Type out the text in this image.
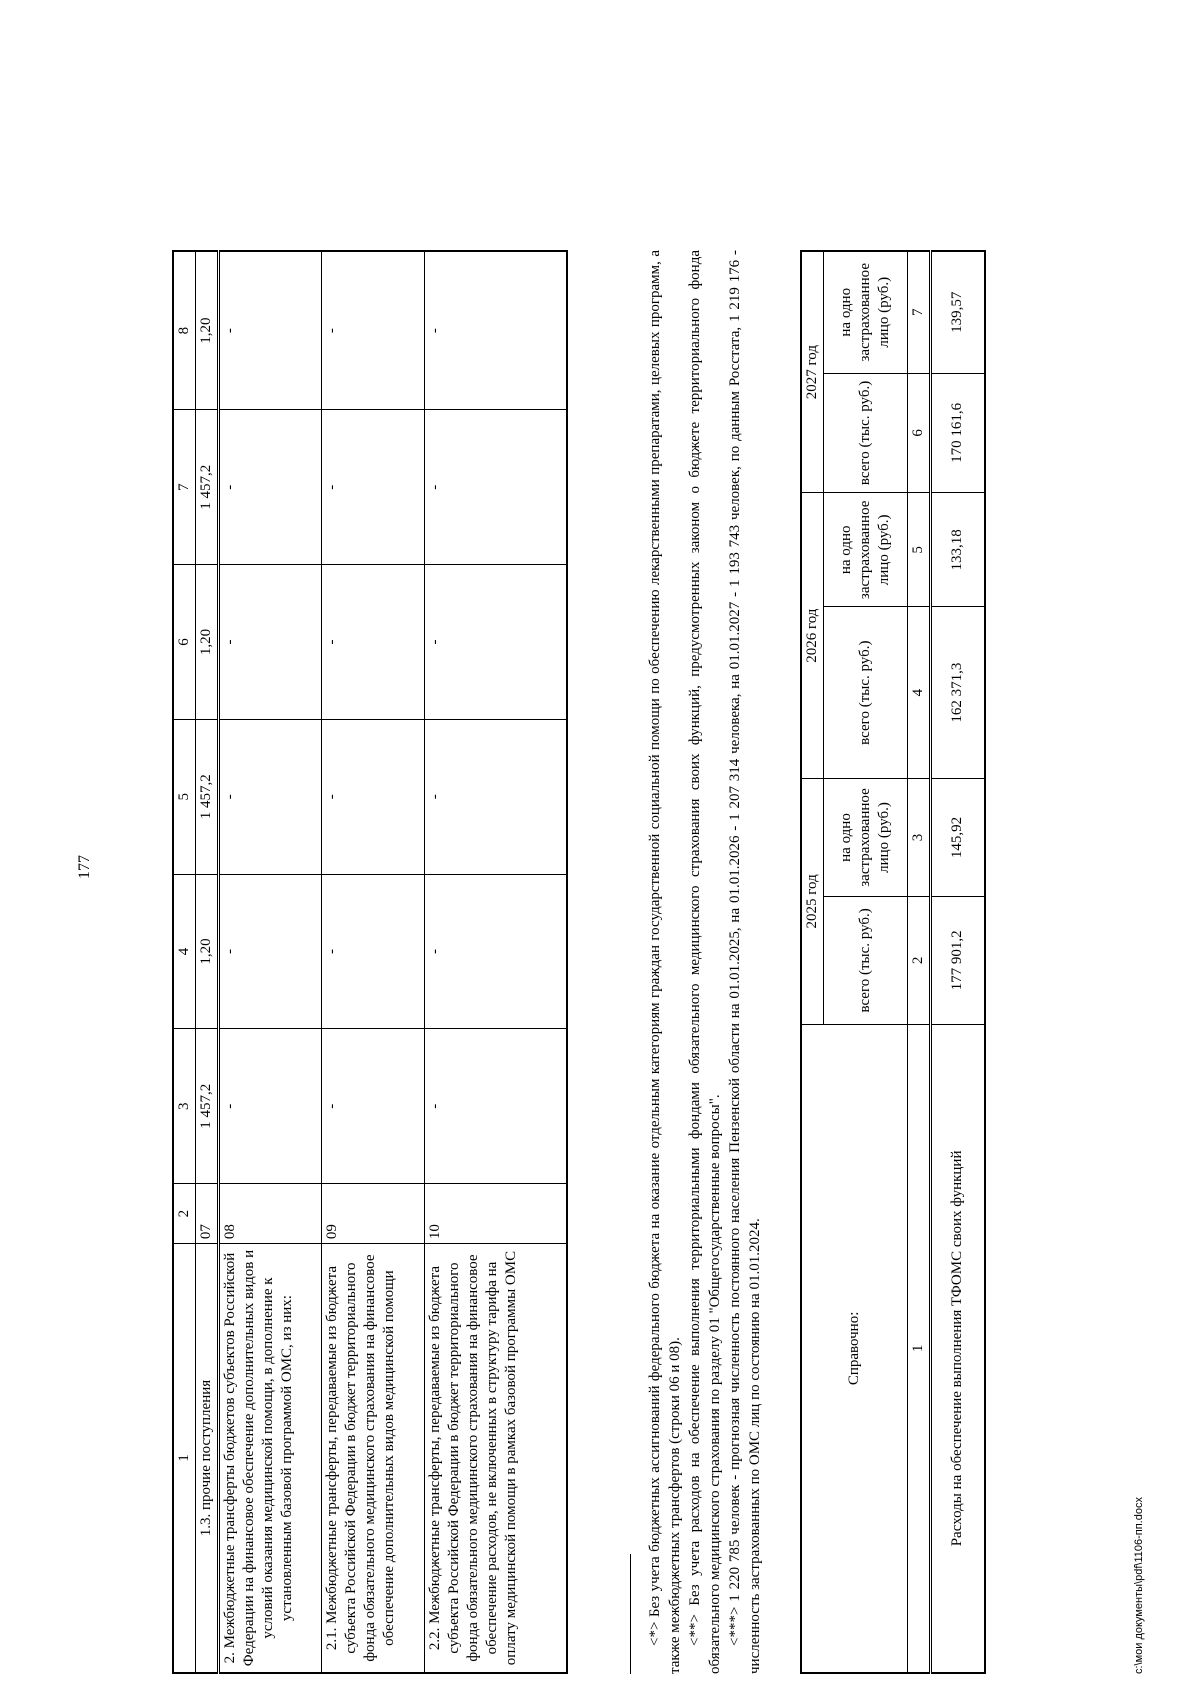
177
1	2	3	4	5	6	7	8
1.3. прочие поступления	07	1 457,2	1,20	1 457,2	1,20	1 457,2	1,20
2. Межбюджетные трансферты бюджетов субъектов Российской Федерации на финансовое обеспечение дополнительных видов и условий оказания медицинской помощи, в дополнение к установленным базовой программой ОМС, из них:	08	-	-	-	-	-	-
2.1. Межбюджетные трансферты, передаваемые из бюджета субъекта Российской Федерации в бюджет территориального фонда обязательного медицинского страхования на финансовое обеспечение дополнительных видов медицинской помощи	09	-	-	-	-	-	-
2.2. Межбюджетные трансферты, передаваемые из бюджета субъекта Российской Федерации в бюджет территориального фонда обязательного медицинского страхования на финансовое обеспечение расходов, не включенных в структуру тарифа на оплату медицинской помощи в рамках базовой программы ОМС	10	-	-	-	-	-	-	<*> Без учета бюджетных ассигнований федерального бюджета на оказание отдельным категориям граждан государственной социальной помощи по обеспечению лекарственными препаратами, целевых программ, а также межбюджетных трансфертов (строки 06 и 08). <**> Без учета расходов на обеспечение выполнения территориальными фондами обязательного медицинского страхования своих функций, предусмотренных законом о бюджете территориального фонда обязательного медицинского страхования по разделу 01 "Общегосударственные вопросы". <***> 1 220 785 человек - прогнозная численность постоянного населения Пензенской области на 01.01.2025, на 01.01.2026 - 1 207 314 человека, на 01.01.2027 - 1 193 743 человек, по данным Росстата, 1 219 176 - численность застрахованных по ОМС лиц по состоянию на 01.01.2024.	Справочно:	2025 год		2026 год		2027 год	
	всего (тыс. руб.)	на одно застрахованное лицо (руб.)	всего (тыс. руб.)	на одно застрахованное лицо (руб.)	всего (тыс. руб.)	на одно застрахованное лицо (руб.)
1	2	3	4	5	6	7
Расходы на обеспечение выполнения ТФОМС своих функций	177 901,2	145,92	162 371,3	133,18	170 161,6	139,57
c:\мои документы\pdf\1106-пп.docx
